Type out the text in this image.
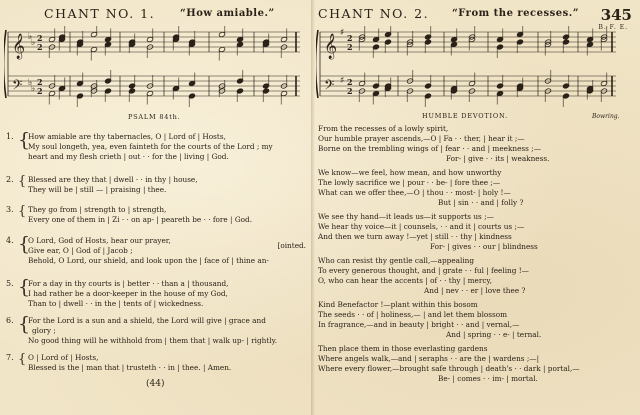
CHANT NO. 1. “How amiable.”
𝄞
𝄢
♭
♭
♭
♭
2
2
2
2
PSALM 84th.
1. {
How amiable are thy tabernacles, O | Lord of | Hosts,
My soul longeth, yea, even fainteth for the courts of the Lord ; my
heart and my flesh crieth | out · · for the | living | God.
2. { Blessed are they that | dwell · · in thy | house,
They will be | still — | praising | thee.
3. { They go from | strength to | strength,
Every one of them in | Zi · · on ap- | peareth be · · fore | God.
4. {
O Lord, God of Hosts, hear our prayer,
Give ear, O | God of | Jacob ;
[ointed.
Behold, O Lord, our shield, and look upon the | face of | thine an-
5. {
For a day in thy courts is | better · · than a | thousand,
I had rather be a door-keeper in the house of my God,
Than to | dwell · · in the | tents of | wickedness.
6. {
For the Lord is a sun and a shield, the Lord will give | grace and
glory ;
No good thing will he withhold from | them that | walk up- | rightly.
7. { O | Lord of | Hosts,
Blessed is the | man that | trusteth · · in | thee. | Amen.
(44)
CHANT NO. 2. “From the recesses.” 345
B. F. E.
𝄞
𝄢
♯
♯
2
2
2
2
HUMBLE DEVOTION.	Bowring.
From the recesses of a lowly spirit,
Our humble prayer ascends,—O | Fa · · ther, | hear it ;—
Borne on the trembling wings of | fear · · and | meekness ;—
For- | give · · its | weakness.
We know—we feel, how mean, and how unworthy
The lowly sacrifice we | pour · · be- | fore thee ;—
What can we offer thee,—O | thou · · most- | holy !—
But | sin · · and | folly ?
We see thy hand—it leads us—it supports us ;—
We hear thy voice—it | counsels, · · and it | courts us ;—
And then we turn away !—yet | still · · thy | kindness
For- | gives · · our | blindness
Who can resist thy gentle call,—appealing
To every generous thought, and | grate · · ful | feeling !—
O, who can hear the accents | of · · thy | mercy,
And | nev · · er | love thee ?
Kind Benefactor !—plant within this bosom
The seeds · · of | holiness,— | and let them blossom
In fragrance,—and in beauty | bright · · and | vernal,—
And | spring · · e- | ternal.
Then place them in those everlasting gardens
Where angels walk,—and | seraphs · · are the | wardens ;—|
Where every flower,—brought safe through | death's · · dark | portal,—
Be- | comes · · im- | mortal.
